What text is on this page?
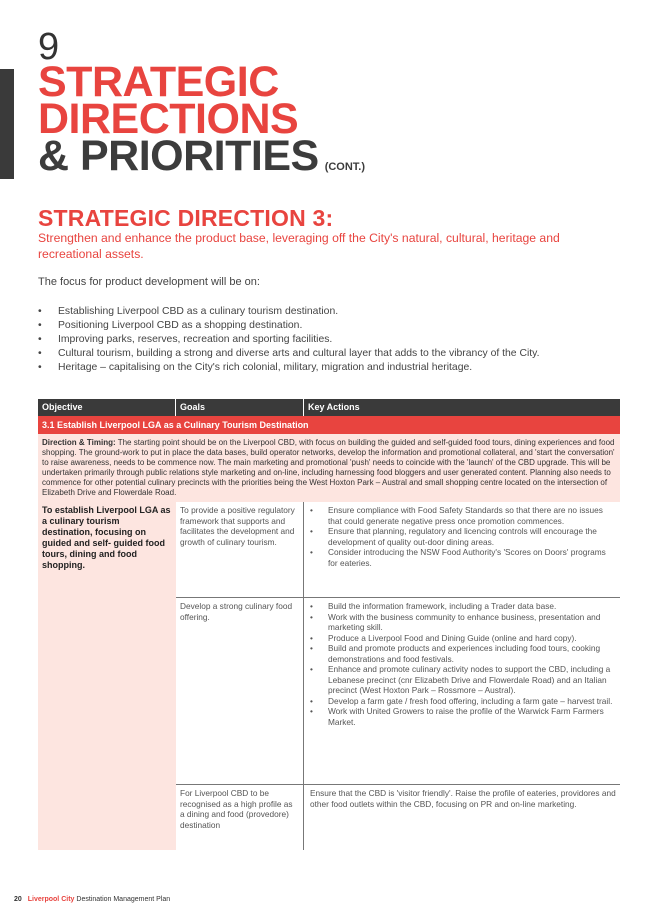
9
STRATEGIC
DIRECTIONS
& PRIORITIES (CONT.)
STRATEGIC DIRECTION 3:
Strengthen and enhance the product base, leveraging off the City's natural, cultural, heritage and recreational assets.
The focus for product development will be on:
• Establishing Liverpool CBD as a culinary tourism destination.
• Positioning Liverpool CBD as a shopping destination.
• Improving parks, reserves, recreation and sporting facilities.
• Cultural tourism, building a strong and diverse arts and cultural layer that adds to the vibrancy of the City.
• Heritage – capitalising on the City's rich colonial, military, migration and industrial heritage.
Objective	Goals	Key Actions
3.1 Establish Liverpool LGA as a Culinary Tourism Destination
Direction & Timing: The starting point should be on the Liverpool CBD, with focus on building the guided and self-guided food tours, dining experiences and food shopping. The ground-work to put in place the data bases, build operator networks, develop the information and promotional collateral, and 'start the conversation' to raise awareness, needs to be commence now. The main marketing and promotional 'push' needs to coincide with the 'launch' of the CBD upgrade. This will be undertaken primarily through public relations style marketing and on-line, including harnessing food bloggers and user generated content. Planning also needs to commence for other potential culinary precincts with the priorities being the West Hoxton Park – Austral and small shopping centre located on the intersection of Elizabeth Drive and Flowerdale Road.
To establish Liverpool LGA as a culinary tourism destination, focusing on guided and self- guided food tours, dining and food shopping.
To provide a positive regulatory framework that supports and facilitates the development and growth of culinary tourism.
• Ensure compliance with Food Safety Standards so that there are no issues that could generate negative press once promotion commences.
• Ensure that planning, regulatory and licencing controls will encourage the development of quality out-door dining areas.
• Consider introducing the NSW Food Authority's 'Scores on Doors' programs for eateries.
Develop a strong culinary food offering.
• Build the information framework, including a Trader data base.
• Work with the business community to enhance business, presentation and marketing skill.
• Produce a Liverpool Food and Dining Guide (online and hard copy).
• Build and promote products and experiences including food tours, cooking demonstrations and food festivals.
• Enhance and promote culinary activity nodes to support the CBD, including a Lebanese precinct (cnr Elizabeth Drive and Flowerdale Road) and an Italian precinct (West Hoxton Park – Rossmore – Austral).
• Develop a farm gate / fresh food offering, including a farm gate – harvest trail.
• Work with United Growers to raise the profile of the Warwick Farm Farmers Market.
For Liverpool CBD to be recognised as a high profile as a dining and food (provedore) destination

Ensure that the CBD is 'visitor friendly'. Raise the profile of eateries, providores and other food outlets within the CBD, focusing on PR and on-line marketing.

20 Liverpool City Destination Management Plan
